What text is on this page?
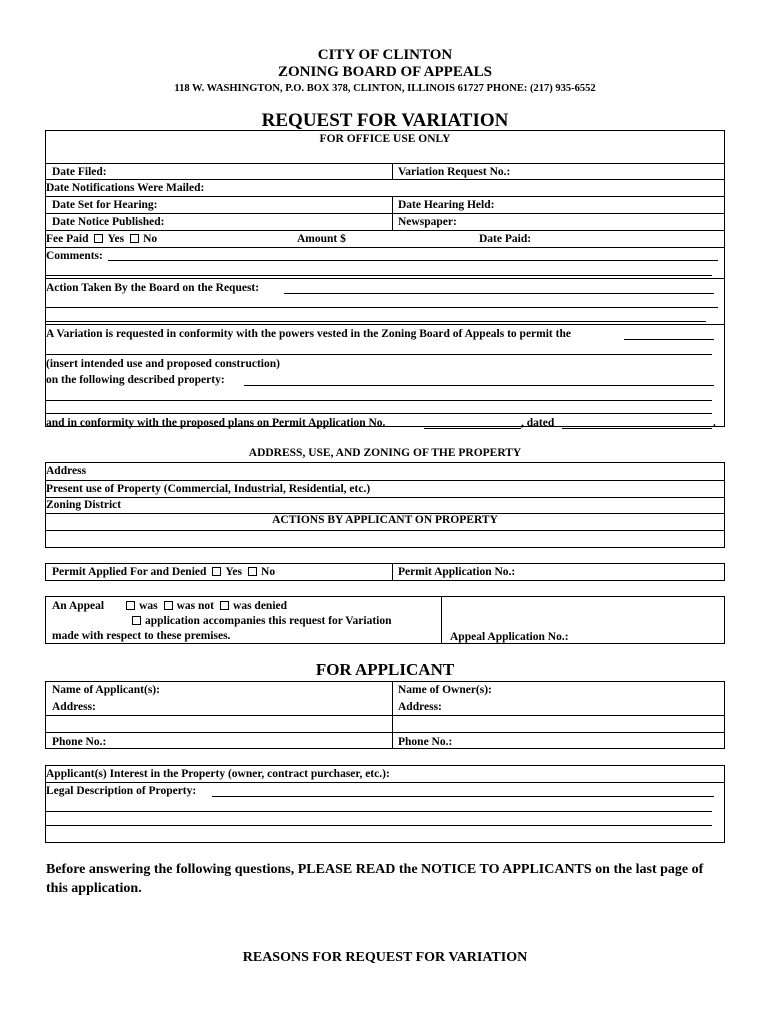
CITY OF CLINTON
ZONING BOARD OF APPEALS
118 W. WASHINGTON, P.O. BOX 378, CLINTON, ILLINOIS 61727 PHONE: (217) 935-6552
REQUEST FOR VARIATION
FOR OFFICE USE ONLY
Date Filed:	Variation Request No.:
Date Notifications Were Mailed:
Date Set for Hearing:	Date Hearing Held:
Date Notice Published:	Newspaper:
Fee Paid Yes No	Amount $	Date Paid:
Comments:
Action Taken By the Board on the Request:
A Variation is requested in conformity with the powers vested in the Zoning Board of Appeals to permit the
(insert intended use and proposed construction)
on the following described property:
and in conformity with the proposed plans on Permit Application No.	, dated	.
ADDRESS, USE, AND ZONING OF THE PROPERTY
Address
Present use of Property (Commercial, Industrial, Residential, etc.)
Zoning District
ACTIONS BY APPLICANT ON PROPERTY
Permit Applied For and Denied Yes No	Permit Application No.:
An Appeal	was was not was denied
application accompanies this request for Variation
made with respect to these premises.	Appeal Application No.:
FOR APPLICANT
Name of Applicant(s):	Name of Owner(s):
Address:	Address:
Phone No.:	Phone No.:
Applicant(s) Interest in the Property (owner, contract purchaser, etc.):
Legal Description of Property:
Before answering the following questions, PLEASE READ the NOTICE TO APPLICANTS on the last page of this application.
REASONS FOR REQUEST FOR VARIATION
